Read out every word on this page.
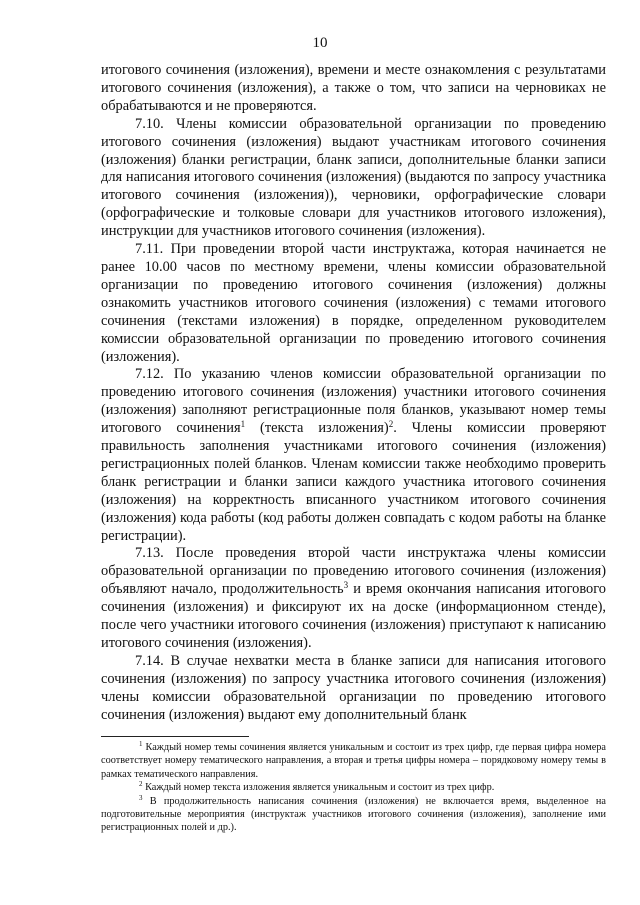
10

итогового сочинения (изложения), времени и месте ознакомления с результатами итогового сочинения (изложения), а также о том, что записи на черновиках не обрабатываются и не проверяются.

7.10. Члены комиссии образовательной организации по проведению итогового сочинения (изложения) выдают участникам итогового сочинения (изложения) бланки регистрации, бланк записи, дополнительные бланки записи для написания итогового сочинения (изложения) (выдаются по запросу участника итогового сочинения (изложения)), черновики, орфографические словари (орфографические и толковые словари для участников итогового изложения), инструкции для участников итогового сочинения (изложения).

7.11. При проведении второй части инструктажа, которая начинается не ранее 10.00 часов по местному времени, члены комиссии образовательной организации по проведению итогового сочинения (изложения) должны ознакомить участников итогового сочинения (изложения) с темами итогового сочинения (текстами изложения) в порядке, определенном руководителем комиссии образовательной организации по проведению итогового сочинения (изложения).

7.12. По указанию членов комиссии образовательной организации по проведению итогового сочинения (изложения) участники итогового сочинения (изложения) заполняют регистрационные поля бланков, указывают номер темы итогового сочинения$^1$ (текста изложения)$^2$. Члены комиссии проверяют правильность заполнения участниками итогового сочинения (изложения) регистрационных полей бланков. Членам комиссии также необходимо проверить бланк регистрации и бланки записи каждого участника итогового сочинения (изложения) на корректность вписанного участником итогового сочинения (изложения) кода работы (код работы должен совпадать с кодом работы на бланке регистрации).

7.13. После проведения второй части инструктажа члены комиссии образовательной организации по проведению итогового сочинения (изложения) объявляют начало, продолжительность$^3$ и время окончания написания итогового сочинения (изложения) и фиксируют их на доске (информационном стенде), после чего участники итогового сочинения (изложения) приступают к написанию итогового сочинения (изложения).

7.14. В случае нехватки места в бланке записи для написания итогового сочинения (изложения) по запросу участника итогового сочинения (изложения) члены комиссии образовательной организации по проведению итогового сочинения (изложения) выдают ему дополнительный бланк

$^1$ Каждый номер темы сочинения является уникальным и состоит из трех цифр, где первая цифра номера соответствует номеру тематического направления, а вторая и третья цифры номера – порядковому номеру темы в рамках тематического направления.

$^2$ Каждый номер текста изложения является уникальным и состоит из трех цифр.

$^3$ В продолжительность написания сочинения (изложения) не включается время, выделенное на подготовительные мероприятия (инструктаж участников итогового сочинения (изложения), заполнение ими регистрационных полей и др.).
